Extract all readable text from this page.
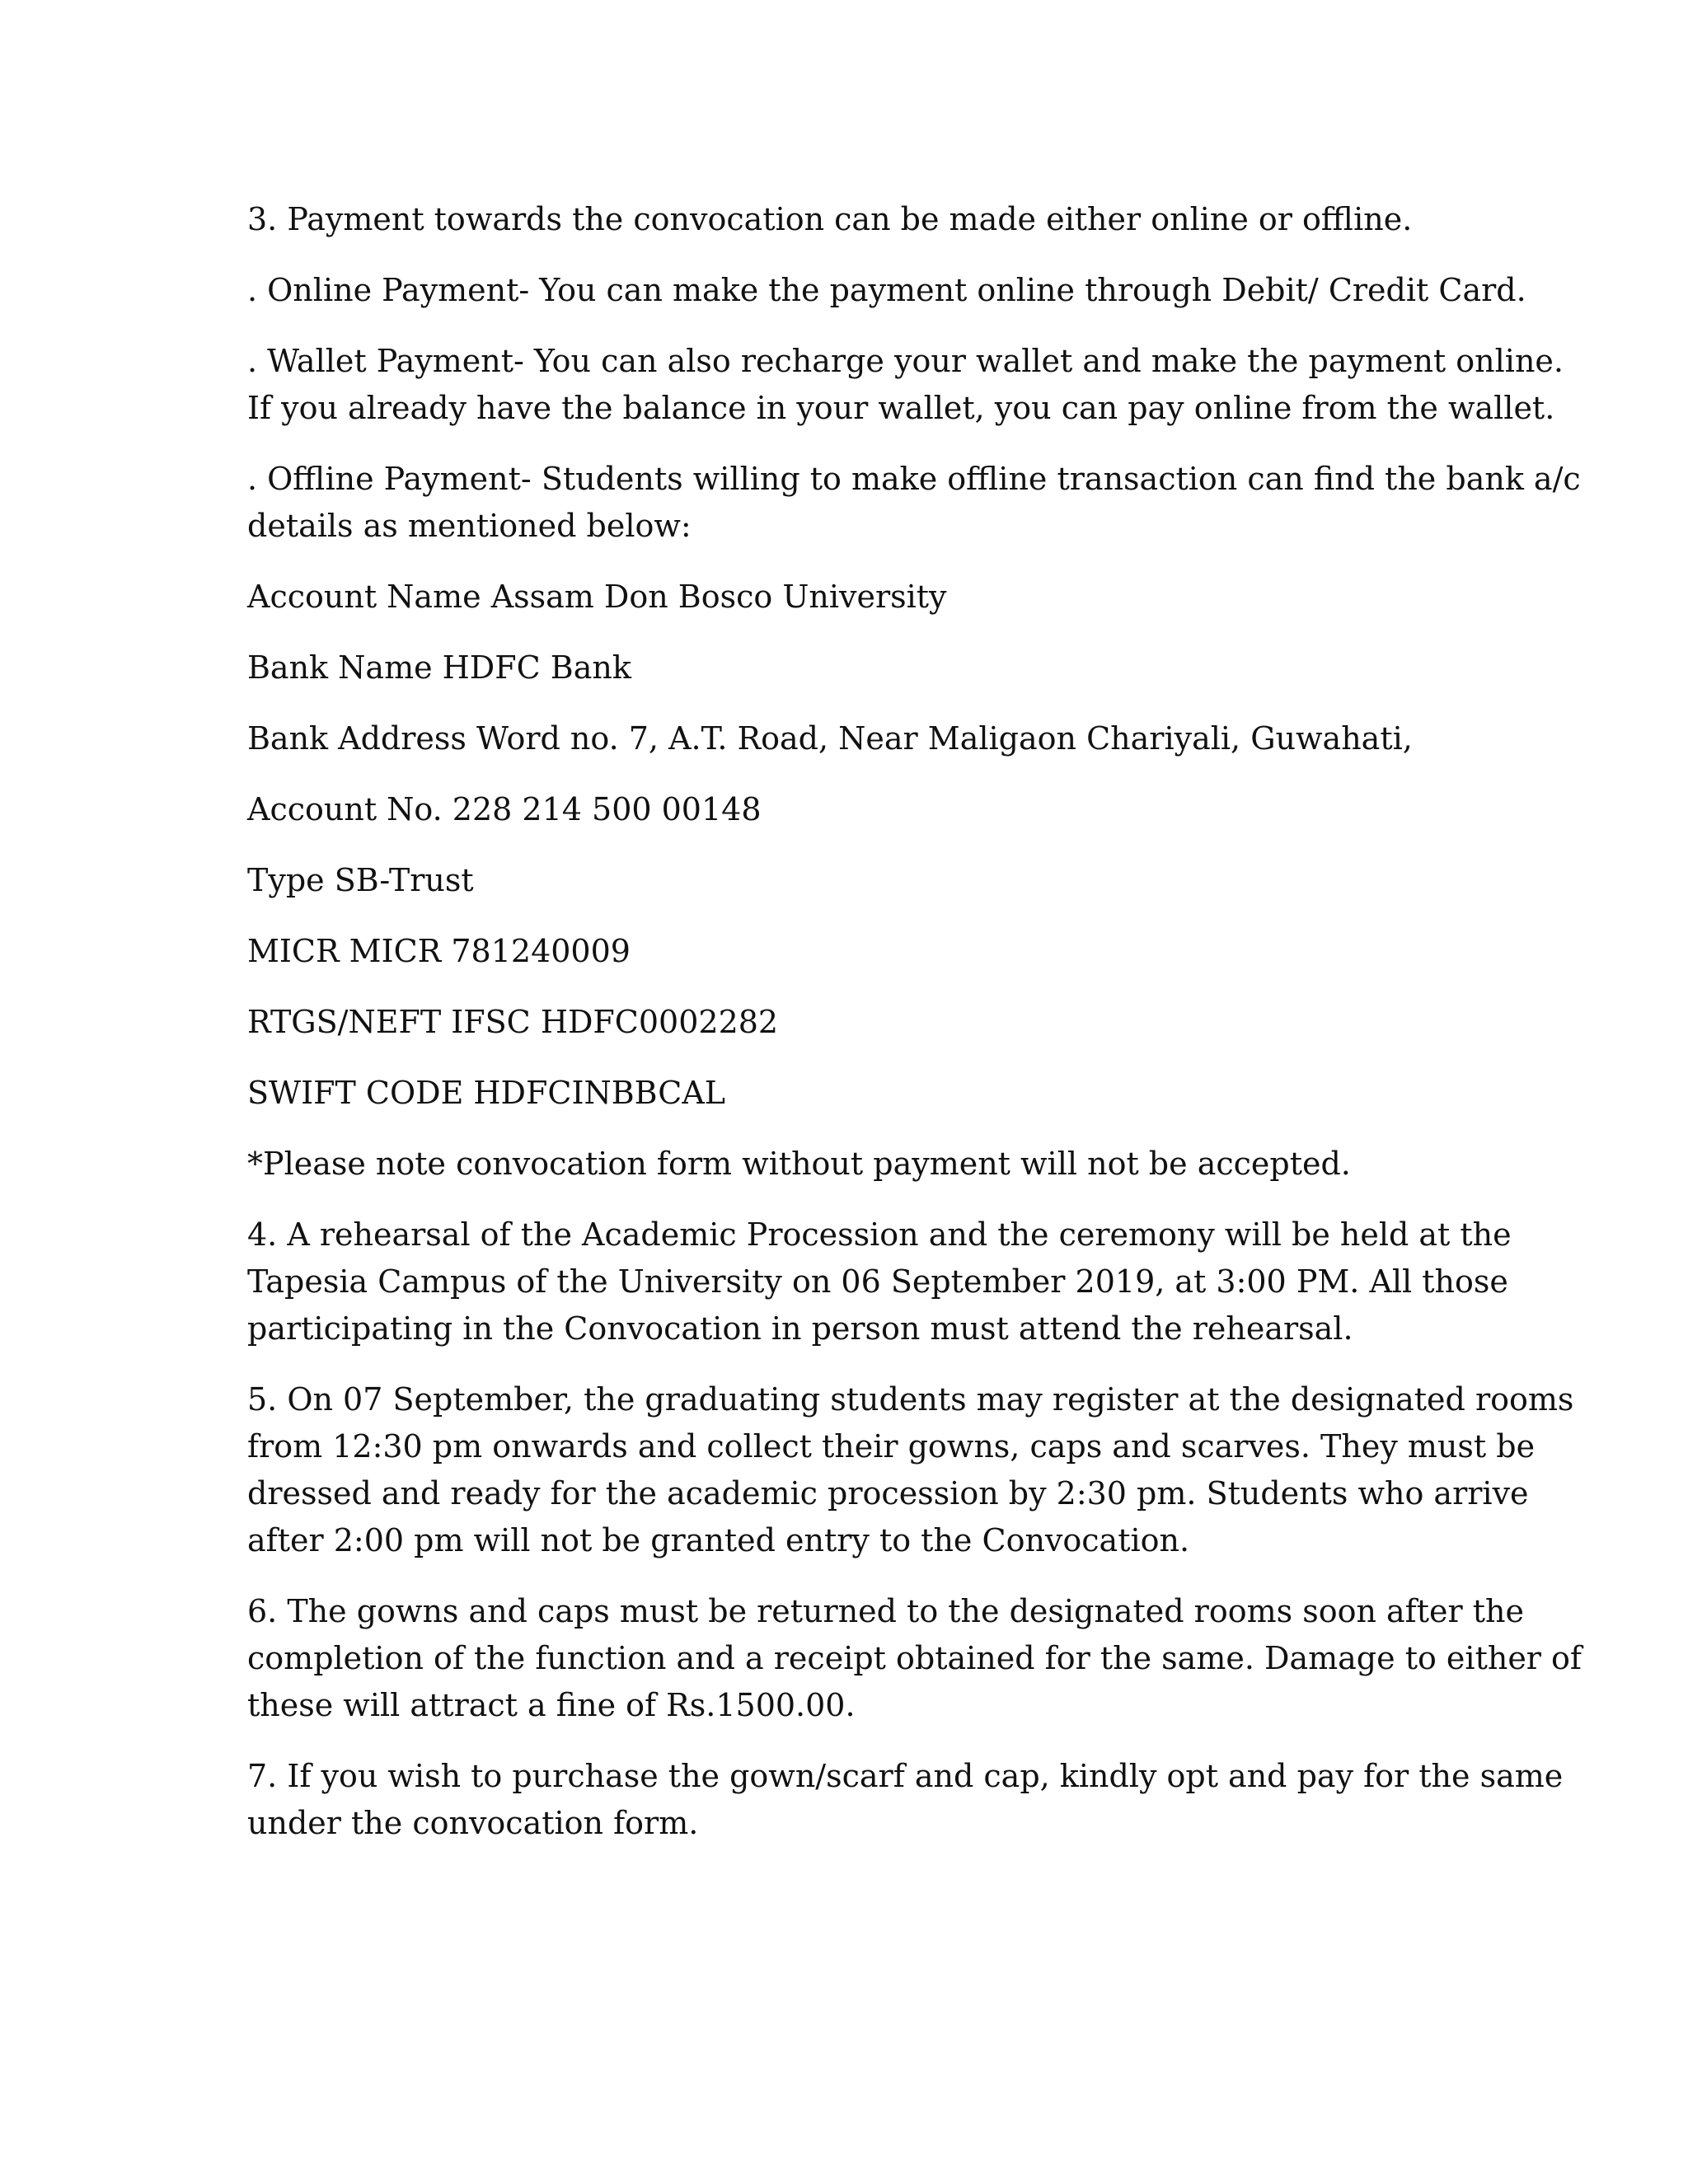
3. Payment towards the convocation can be made either online or offline.

. Online Payment- You can make the payment online through Debit/ Credit Card.

. Wallet Payment- You can also recharge your wallet and make the payment online.
If you already have the balance in your wallet, you can pay online from the wallet.

. Offline Payment- Students willing to make offline transaction can find the bank a/c
details as mentioned below:

Account Name Assam Don Bosco University

Bank Name HDFC Bank

Bank Address Word no. 7, A.T. Road, Near Maligaon Chariyali, Guwahati,

Account No. 228 214 500 00148

Type SB-Trust

MICR MICR 781240009

RTGS/NEFT IFSC HDFC0002282

SWIFT CODE HDFCINBBCAL

*Please note convocation form without payment will not be accepted.

4. A rehearsal of the Academic Procession and the ceremony will be held at the
Tapesia Campus of the University on 06 September 2019, at 3:00 PM. All those
participating in the Convocation in person must attend the rehearsal.

5. On 07 September, the graduating students may register at the designated rooms
from 12:30 pm onwards and collect their gowns, caps and scarves. They must be
dressed and ready for the academic procession by 2:30 pm. Students who arrive
after 2:00 pm will not be granted entry to the Convocation.

6. The gowns and caps must be returned to the designated rooms soon after the
completion of the function and a receipt obtained for the same. Damage to either of
these will attract a fine of Rs.1500.00.

7. If you wish to purchase the gown/scarf and cap, kindly opt and pay for the same
under the convocation form.
